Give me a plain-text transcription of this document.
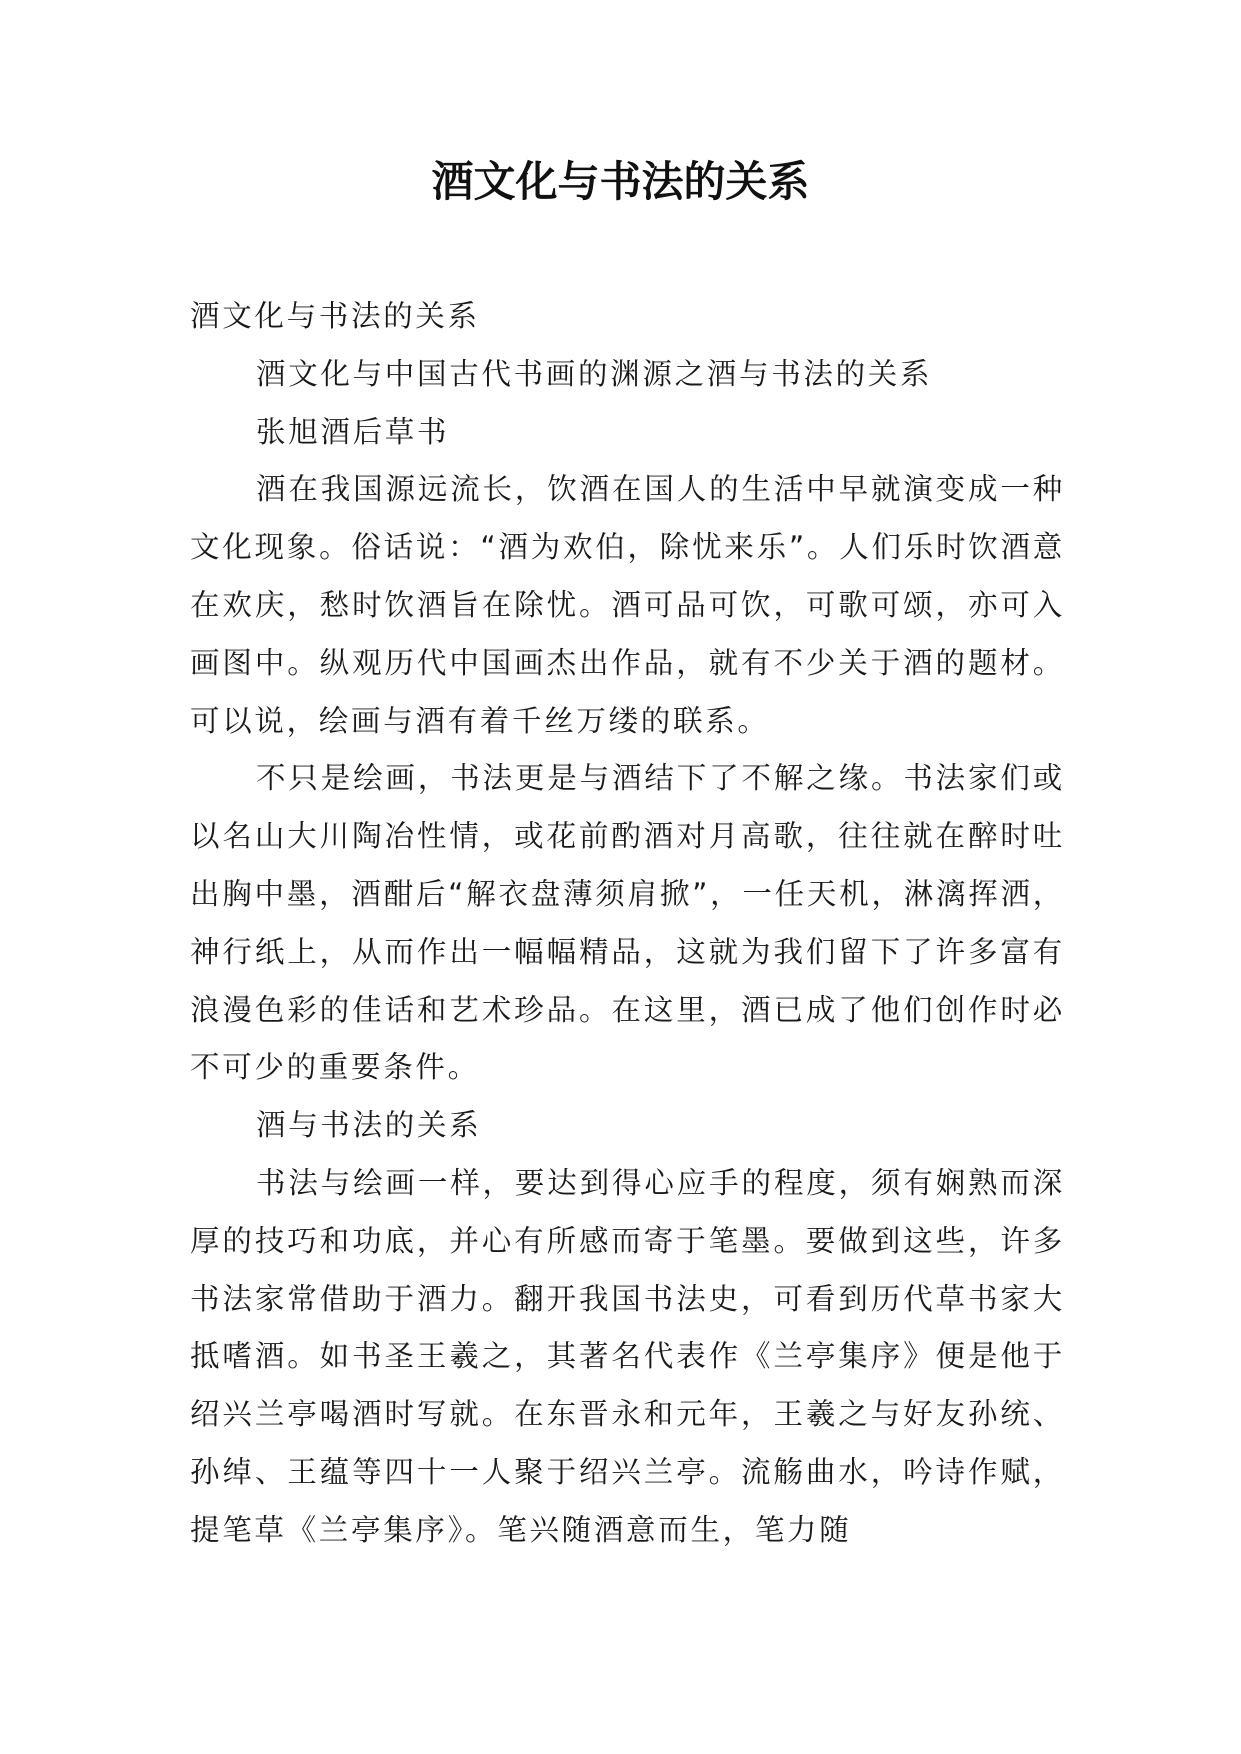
酒文化与书法的关系

酒文化与书法的关系

酒文化与中国古代书画的渊源之酒与书法的关系

张旭酒后草书

酒在我国源远流长，饮酒在国人的生活中早就演变成一种文化现象。俗话说：“酒为欢伯，除忧来乐”。人们乐时饮酒意在欢庆，愁时饮酒旨在除忧。酒可品可饮，可歌可颂，亦可入画图中。纵观历代中国画杰出作品，就有不少关于酒的题材。可以说，绘画与酒有着千丝万缕的联系。

不只是绘画，书法更是与酒结下了不解之缘。书法家们或以名山大川陶冶性情，或花前酌酒对月高歌，往往就在醉时吐出胸中墨，酒酣后“解衣盘薄须肩掀”，一任天机，淋漓挥洒，神行纸上，从而作出一幅幅精品，这就为我们留下了许多富有浪漫色彩的佳话和艺术珍品。在这里，酒已成了他们创作时必不可少的重要条件。

酒与书法的关系

书法与绘画一样，要达到得心应手的程度，须有娴熟而深厚的技巧和功底，并心有所感而寄于笔墨。要做到这些，许多书法家常借助于酒力。翻开我国书法史，可看到历代草书家大抵嗜酒。如书圣王羲之，其著名代表作《兰亭集序》便是他于绍兴兰亭喝酒时写就。在东晋永和元年，王羲之与好友孙统、孙绰、王蕴等四十一人聚于绍兴兰亭。流觞曲水，吟诗作赋，提笔草《兰亭集序》。笔兴随酒意而生，笔力随
